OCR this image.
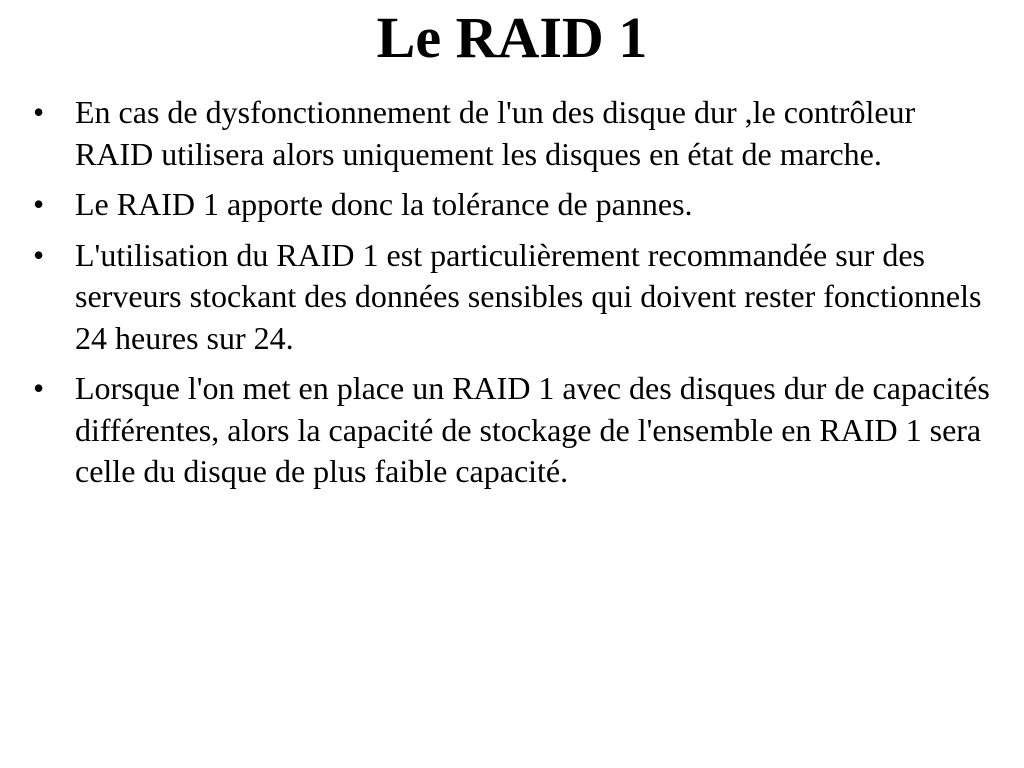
Le RAID 1
• En cas de dysfonctionnement de l'un des disque dur ,le contrôleur RAID utilisera alors uniquement les disques en état de marche.
• Le RAID 1 apporte donc la tolérance de pannes.
• L'utilisation du RAID 1 est particulièrement recommandée sur des serveurs stockant des données sensibles qui doivent rester fonctionnels 24 heures sur 24.
• Lorsque l'on met en place un RAID 1 avec des disques dur de capacités différentes, alors la capacité de stockage de l'ensemble en RAID 1 sera celle du disque de plus faible capacité.
